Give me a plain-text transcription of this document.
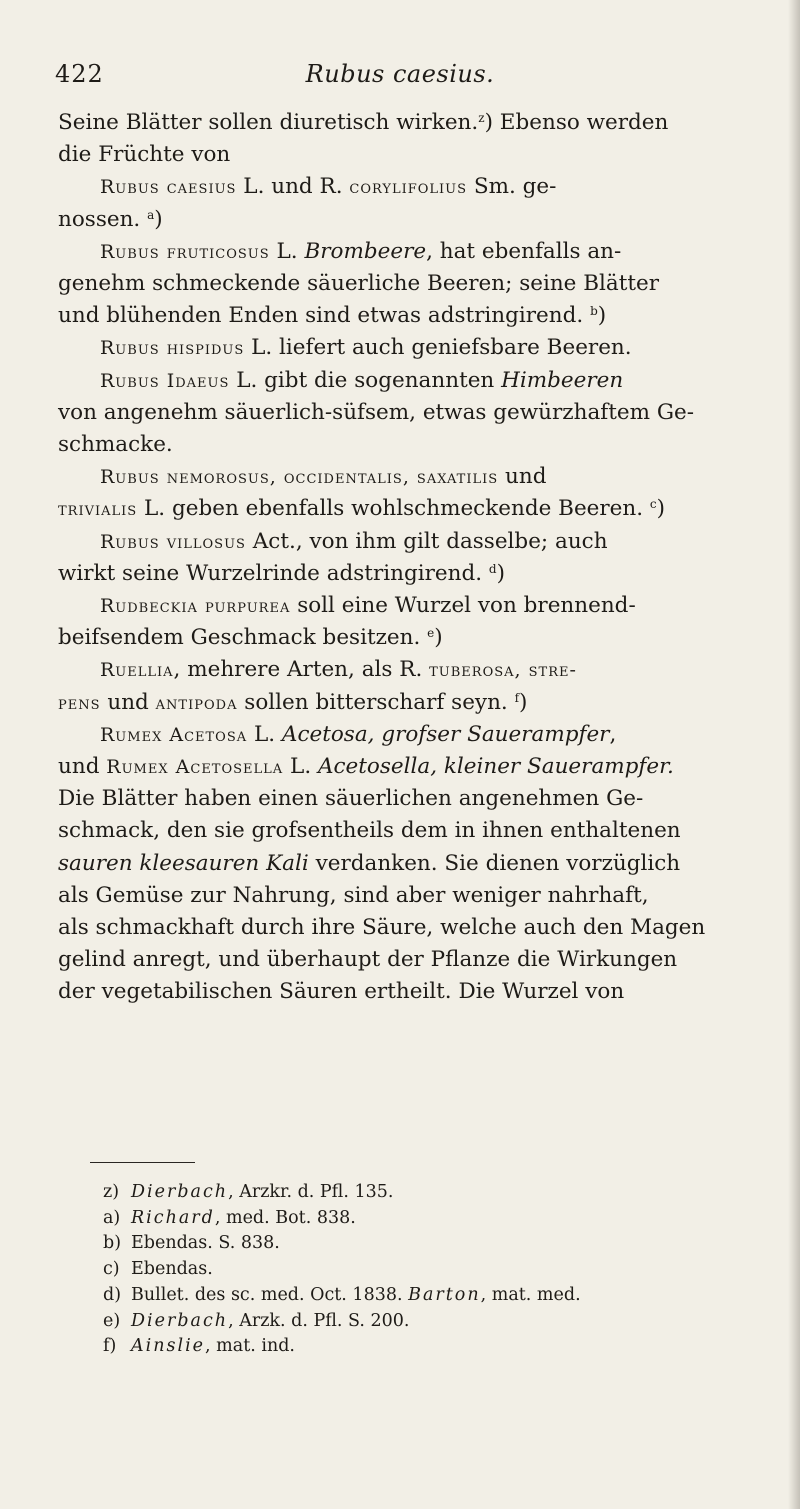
Rubus caesius.
422
Seine Blätter sollen diuretisch wirken.$^z$) Ebenso werden
die Früchte von
Rubus caesius L. und R. corylifolius Sm. ge-
nossen. $^a$)
Rubus fruticosus L. Brombeere, hat ebenfalls an-
genehm schmeckende säuerliche Beeren; seine Blätter
und blühenden Enden sind etwas adstringirend. $^b$)
Rubus hispidus L. liefert auch geniefsbare Beeren.
Rubus Idaeus L. gibt die sogenannten Himbeeren
von angenehm säuerlich-süfsem, etwas gewürzhaftem Ge-
schmacke.
Rubus nemorosus, occidentalis, saxatilis und
trivialis L. geben ebenfalls wohlschmeckende Beeren. $^c$)
Rubus villosus Act., von ihm gilt dasselbe; auch
wirkt seine Wurzelrinde adstringirend. $^d$)
Rudbeckia purpurea soll eine Wurzel von brennend-
beifsendem Geschmack besitzen. $^e$)
Ruellia, mehrere Arten, als R. tuberosa, stre-
pens und antipoda sollen bitterscharf seyn. $^f$)
Rumex Acetosa L. Acetosa, grofser Sauerampfer,
und Rumex Acetosella L. Acetosella, kleiner Sauerampfer.
Die Blätter haben einen säuerlichen angenehmen Ge-
schmack, den sie grofsentheils dem in ihnen enthaltenen
sauren kleesauren Kali verdanken. Sie dienen vorzüglich
als Gemüse zur Nahrung, sind aber weniger nahrhaft,
als schmackhaft durch ihre Säure, welche auch den Magen
gelind anregt, und überhaupt der Pflanze die Wirkungen
der vegetabilischen Säuren ertheilt. Die Wurzel von
z) Dierbach, Arzkr. d. Pfl. 135.
a) Richard, med. Bot. 838.
b) Ebendas. S. 838.
c) Ebendas.
d) Bullet. des sc. med. Oct. 1838. Barton, mat. med.
e) Dierbach, Arzk. d. Pfl. S. 200.
f) Ainslie, mat. ind.
